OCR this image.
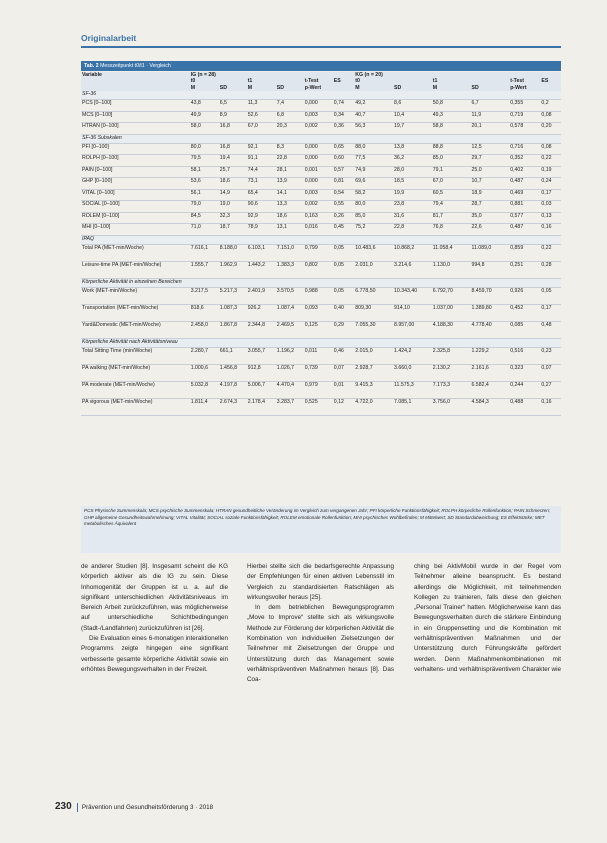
Originalarbeit
Tab. 2 Messzeitpunkt t0/t1 · Vergleich
Variable	IG (n = 28)						KG (n = 20)					
	t0		t1		t-Test	ES	t0		t1		t-Test	ES
	M	SD	M	SD	p-Wert		M	SD	M	SD	p-Wert	
SF-36												
PCS [0–100]	43,8	6,5	11,3	7,4	0,000	0,74	49,2	8,6	50,8	6,7	0,355	0,2
MCS [0–100]	49,9	8,9	52,6	6,8	0,003	0,34	40,7	10,4	49,3	11,9	0,719	0,08
HTRAN [0–100]	58,0	16,8	67,0	20,3	0,002	0,36	56,3	19,7	58,8	20,1	0,578	0,20
SF-36 Subskalen												
PFI [0–100]	80,0	16,8	92,1	8,3	0,000	0,65	88,0	13,8	88,8	12,5	0,716	0,08
ROLPH [0–100]	79,5	19,4	91,1	22,8	0,000	0,60	77,5	36,2	85,0	29,7	0,352	0,22
PAIN [0–100]	58,1	25,7	74,4	28,1	0,001	0,57	74,9	28,0	79,1	25,0	0,402	0,19
GHP [0–100]	53,6	18,6	73,1	13,9	0,000	0,81	69,6	18,5	67,0	10,7	0,487	0,24
VITAL [0–100]	56,1	14,9	65,4	14,1	0,003	0,54	58,2	19,9	60,5	18,9	0,469	0,17
SOCIAL [0–100]	79,0	19,0	90,6	13,3	0,002	0,55	80,0	23,8	79,4	28,7	0,881	0,03
ROLEM [0–100]	84,5	32,3	92,9	18,6	0,163	0,26	85,0	31,6	81,7	35,0	0,577	0,13
MHI [0–100]	71,0	18,7	78,9	13,1	0,016	0,45	75,2	22,8	76,8	22,6	0,487	0,16
IPAQ												
Total PA (MET-min/Woche)	7.616,1	8.188,0	6.103,1	7.151,0	0,799	0,05	10.483,6	10.868,2	11.058,4	11.089,0	0,859	0,22
Leisure-time PA (MET-min/Woche)	1.555,7	1.962,9	1.443,2	1.383,3	0,802	0,05	2.031,0	3.214,6	1.130,0	994,8	0,251	0,28
Körperliche Aktivität in einzelnen Bereichen												
Work (MET-min/Woche)	3.217,5	5.217,3	2.401,9	3.570,5	0,988	0,05	6.778,50	10.343,40	6.792,70	8.459,70	0,926	0,05
Transportation (MET-min/Woche)	818,6	1.087,3	926,2	1.087,4	0,093	0,40	809,30	914,10	1.037,00	1.389,80	0,452	0,17
Yard&Domestic (MET-min/Woche)	2.458,0	1.867,8	2.344,8	2.469,5	0,125	0,29	7.055,30	8.957,00	4.188,30	4.778,40	0,085	0,48
Körperliche Aktivität nach Aktivitätsniveau												
Total Sitting Time (min/Woche)	2.280,7	661,1	3.055,7	1.196,2	0,011	0,46	2.015,0	1.424,2	2.325,8	1.229,2	0,516	0,23
PA walking (MET-min/Woche)	1.000,6	1.456,8	912,8	1.026,7	0,739	0,07	2.928,7	3.660,0	2.130,2	2.161,6	0,323	0,07
PA moderate (MET-min/Woche)	5.032,8	4.197,8	5.006,7	4.470,4	0,979	0,01	9.415,3	11.575,3	7.173,3	6.582,4	0,244	0,27
PA vigorous (MET-min/Woche)	1.811,4	2.674,3	2.178,4	3.283,7	0,525	0,12	4.722,0	7.085,1	3.756,0	4.584,3	0,488	0,16
PCS Physische Summenskala; MCS psychische Summenskala; HTRAN gesundheitliche Veränderung im Vergleich zum vergangenen Jahr; PFI körperliche Funktionsfähigkeit; ROLPH körperliche Rollenfunktion; PAIN Schmerzen; GHP allgemeine Gesundheitswahrnehmung; VITAL Vitalität; SOCIAL soziale Funktionsfähigkeit; ROLEM emotionale Rollenfunktion; MHI psychisches Wohlbefinden; M Mittelwert; SD Standardabweichung; ES Effektstärke; MET metabolisches Äquivalent

de anderer Studien [8]. Insgesamt scheint die KG körperlich aktiver als die IG zu sein. Diese Inhomogenität der Gruppen ist u. a. auf die signifikant unterschiedlichen Aktivitätsniveaus im Bereich Arbeit zurückzuführen, was möglicherweise auf unterschiedliche Schichtbedingungen (Stadt-/Landfahrten) zurückzuführen ist [26].

Die Evaluation eines 6-monatigen interaktionellen Programms zeigte hingegen eine signifikant verbesserte gesamte körperliche Aktivität sowie ein erhöhtes Bewegungsverhalten in der Freizeit.

Hierbei stellte sich die bedarfsgerechte Anpassung der Empfehlungen für einen aktiven Lebensstil im Vergleich zu standardisierten Ratschlägen als wirkungsvoller heraus [25].

In dem betrieblichen Bewegungsprogramm „Move to Improve“ stellte sich als wirkungsvolle Methode zur Förderung der körperlichen Aktivität die Kombination von individuellen Zielsetzungen der Teilnehmer mit Zielsetzungen der Gruppe und Unterstützung durch das Management sowie verhältnispräventiven Maßnahmen heraus [8]. Das Coa-

ching bei AktivMobil wurde in der Regel vom Teilnehmer alleine beansprucht. Es bestand allerdings die Möglichkeit, mit teilnehmenden Kollegen zu trainieren, falls diese den gleichen „Personal Trainer“ hatten. Möglicherweise kann das Bewegungsverhalten durch die stärkere Einbindung in ein Gruppensetting und die Kombination mit verhältnispräventiven Maßnahmen und der Unterstützung durch Führungskräfte gefördert werden. Denn Maßnahmenkombinationen mit verhaltens- und verhältnispräventivem Charakter wie

230 Prävention und Gesundheitsförderung 3 · 2018
